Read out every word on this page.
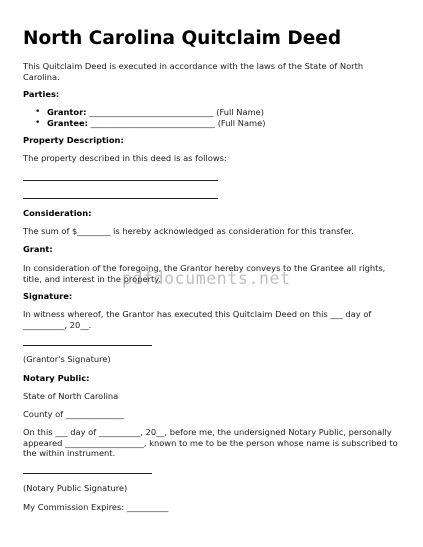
North Carolina Quitclaim Deed
This Quitclaim Deed is executed in accordance with the laws of the State of North Carolina.
Parties:
• Grantor: ______________________________ (Full Name)
• Grantee: ______________________________ (Full Name)
Property Description:
The property described in this deed is as follows:
Consideration:
The sum of $________ is hereby acknowledged as consideration for this transfer.
Grant:
In consideration of the foregoing, the Grantor hereby conveys to the Grantee all rights, title, and interest in the property.
Signature:
In witness whereof, the Grantor has executed this Quitclaim Deed on this ___ day of __________, 20__.
(Grantor's Signature)
Notary Public:
State of North Carolina
County of ______________
On this ___ day of __________, 20__, before me, the undersigned Notary Public, personally appeared ___________________, known to me to be the person whose name is subscribed to the within instrument.
(Notary Public Signature)
My Commission Expires: __________
pdfdocuments.net
